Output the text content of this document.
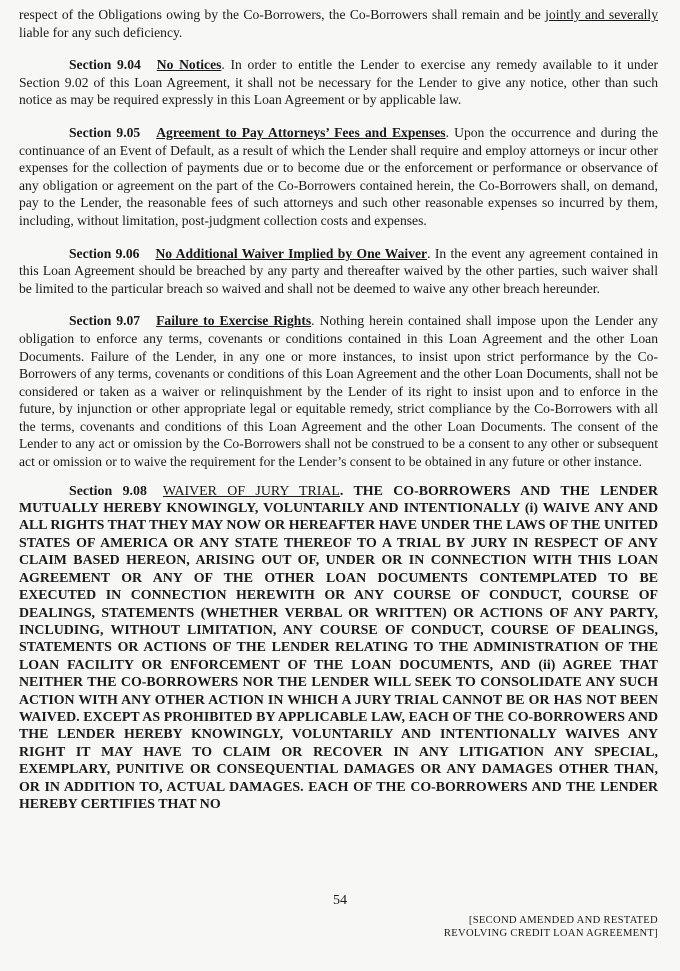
respect of the Obligations owing by the Co-Borrowers, the Co-Borrowers shall remain and be jointly and severally liable for any such deficiency.

Section 9.04 No Notices. In order to entitle the Lender to exercise any remedy available to it under Section 9.02 of this Loan Agreement, it shall not be necessary for the Lender to give any notice, other than such notice as may be required expressly in this Loan Agreement or by applicable law.

Section 9.05 Agreement to Pay Attorneys’ Fees and Expenses. Upon the occurrence and during the continuance of an Event of Default, as a result of which the Lender shall require and employ attorneys or incur other expenses for the collection of payments due or to become due or the enforcement or performance or observance of any obligation or agreement on the part of the Co-Borrowers contained herein, the Co-Borrowers shall, on demand, pay to the Lender, the reasonable fees of such attorneys and such other reasonable expenses so incurred by them, including, without limitation, post-judgment collection costs and expenses.

Section 9.06 No Additional Waiver Implied by One Waiver. In the event any agreement contained in this Loan Agreement should be breached by any party and thereafter waived by the other parties, such waiver shall be limited to the particular breach so waived and shall not be deemed to waive any other breach hereunder.

Section 9.07 Failure to Exercise Rights. Nothing herein contained shall impose upon the Lender any obligation to enforce any terms, covenants or conditions contained in this Loan Agreement and the other Loan Documents. Failure of the Lender, in any one or more instances, to insist upon strict performance by the Co-Borrowers of any terms, covenants or conditions of this Loan Agreement and the other Loan Documents, shall not be considered or taken as a waiver or relinquishment by the Lender of its right to insist upon and to enforce in the future, by injunction or other appropriate legal or equitable remedy, strict compliance by the Co-Borrowers with all the terms, covenants and conditions of this Loan Agreement and the other Loan Documents. The consent of the Lender to any act or omission by the Co-Borrowers shall not be construed to be a consent to any other or subsequent act or omission or to waive the requirement for the Lender’s consent to be obtained in any future or other instance.

Section 9.08 WAIVER OF JURY TRIAL. THE CO-BORROWERS AND THE LENDER MUTUALLY HEREBY KNOWINGLY, VOLUNTARILY AND INTENTIONALLY (i) WAIVE ANY AND ALL RIGHTS THAT THEY MAY NOW OR HEREAFTER HAVE UNDER THE LAWS OF THE UNITED STATES OF AMERICA OR ANY STATE THEREOF TO A TRIAL BY JURY IN RESPECT OF ANY CLAIM BASED HEREON, ARISING OUT OF, UNDER OR IN CONNECTION WITH THIS LOAN AGREEMENT OR ANY OF THE OTHER LOAN DOCUMENTS CONTEMPLATED TO BE EXECUTED IN CONNECTION HEREWITH OR ANY COURSE OF CONDUCT, COURSE OF DEALINGS, STATEMENTS (WHETHER VERBAL OR WRITTEN) OR ACTIONS OF ANY PARTY, INCLUDING, WITHOUT LIMITATION, ANY COURSE OF CONDUCT, COURSE OF DEALINGS, STATEMENTS OR ACTIONS OF THE LENDER RELATING TO THE ADMINISTRATION OF THE LOAN FACILITY OR ENFORCEMENT OF THE LOAN DOCUMENTS, AND (ii) AGREE THAT NEITHER THE CO-BORROWERS NOR THE LENDER WILL SEEK TO CONSOLIDATE ANY SUCH ACTION WITH ANY OTHER ACTION IN WHICH A JURY TRIAL CANNOT BE OR HAS NOT BEEN WAIVED. EXCEPT AS PROHIBITED BY APPLICABLE LAW, EACH OF THE CO-BORROWERS AND THE LENDER HEREBY KNOWINGLY, VOLUNTARILY AND INTENTIONALLY WAIVES ANY RIGHT IT MAY HAVE TO CLAIM OR RECOVER IN ANY LITIGATION ANY SPECIAL, EXEMPLARY, PUNITIVE OR CONSEQUENTIAL DAMAGES OR ANY DAMAGES OTHER THAN, OR IN ADDITION TO, ACTUAL DAMAGES. EACH OF THE CO-BORROWERS AND THE LENDER HEREBY CERTIFIES THAT NO

54
[SECOND AMENDED AND RESTATED
REVOLVING CREDIT LOAN AGREEMENT]
